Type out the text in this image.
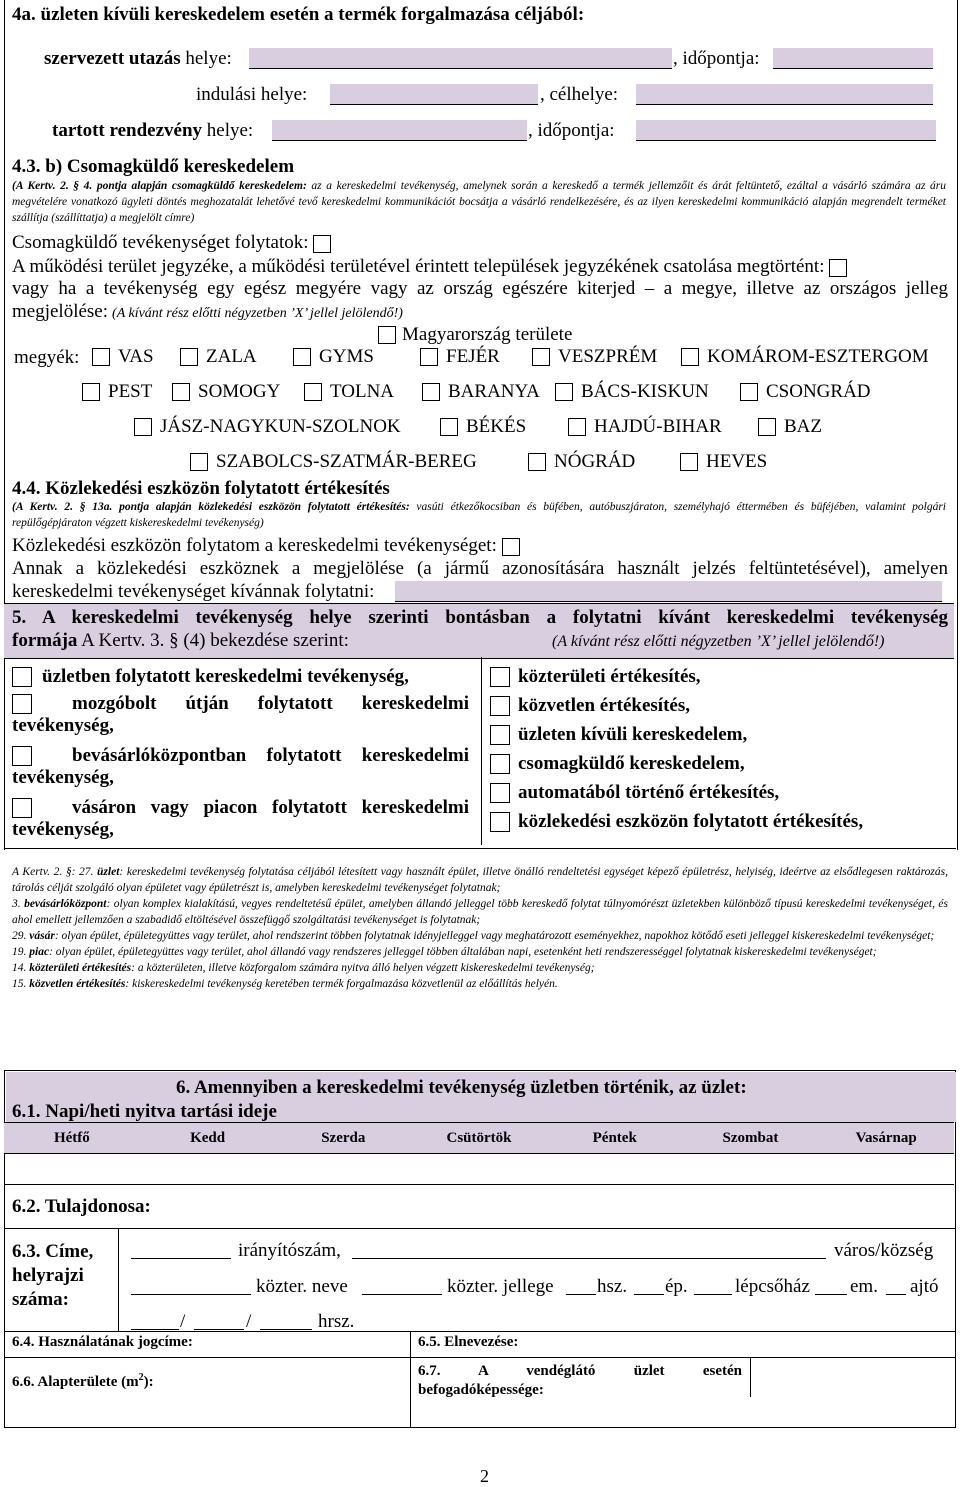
4a. üzleten kívüli kereskedelem esetén a termék forgalmazása céljából:
szervezett utazás helye:	, időpontja:
indulási helye:	, célhelye:
tartott rendezvény helye:	, időpontja:
4.3. b) Csomagküldő kereskedelem
(A Kertv. 2. § 4. pontja alapján csomagküldő kereskedelem: az a kereskedelmi tevékenység, amelynek során a kereskedő a termék jellemzőit és árát feltüntető, ezáltal a vásárló számára az áru megvételére vonatkozó ügyleti döntés meghozatalát lehetővé tevő kereskedelmi kommunikációt bocsátja a vásárló rendelkezésére, és az ilyen kereskedelmi kommunikáció alapján megrendelt terméket szállítja (szállíttatja) a megjelölt címre)
Csomagküldő tevékenységet folytatok:
A működési terület jegyzéke, a működési területével érintett települések jegyzékének csatolása megtörtént:
vagy ha a tevékenység egy egész megyére vagy az ország egészére kiterjed – a megye, illetve az országos jelleg
megjelölése: (A kívánt rész előtti négyzetben ’X’ jellel jelölendő!)
Magyarország területe
megyék: VAS	ZALA	GYMS	FEJÉR	VESZPRÉM	KOMÁROM-ESZTERGOM
PEST SOMOGY	TOLNA	BARANYA BÁCS-KISKUN	CSONGRÁD
JÁSZ-NAGYKUN-SZOLNOK	BÉKÉS	HAJDÚ-BIHAR	BAZ
SZABOLCS-SZATMÁR-BEREG	NÓGRÁD	HEVES
4.4. Közlekedési eszközön folytatott értékesítés
(A Kertv. 2. § 13a. pontja alapján közlekedési eszközön folytatott értékesítés: vasúti étkezőkocsiban és büfében, autóbuszjáraton, személyhajó éttermében és büféjében, valamint polgári repülőgépjáraton végzett kiskereskedelmi tevékenység)
Közlekedési eszközön folytatom a kereskedelmi tevékenységet:
Annak a közlekedési eszköznek a megjelölése (a jármű azonosítására használt jelzés feltüntetésével), amelyen
kereskedelmi tevékenységet kívánnak folytatni:
5. A kereskedelmi tevékenység helye szerinti bontásban a folytatni kívánt kereskedelmi tevékenység
formája A Kertv. 3. § (4) bekezdése szerint:	(A kívánt rész előtti négyzetben ’X’ jellel jelölendő!)
üzletben folytatott kereskedelmi tevékenység,
mozgóbolt útján folytatott kereskedelmi
tevékenység,
bevásárlóközpontban folytatott kereskedelmi
tevékenység,
vásáron vagy piacon folytatott kereskedelmi
tevékenység,
közterületi értékesítés,
közvetlen értékesítés,
üzleten kívüli kereskedelem,
csomagküldő kereskedelem,
automatából történő értékesítés,
közlekedési eszközön folytatott értékesítés,
A Kertv. 2. §: 27. üzlet: kereskedelmi tevékenység folytatása céljából létesített vagy használt épület, illetve önálló rendeltetési egységet képező épületrész, helyiség, ideértve az elsődlegesen raktározás, tárolás célját szolgáló olyan épületet vagy épületrészt is, amelyben kereskedelmi tevékenységet folytatnak;
3. bevásárlóközpont: olyan komplex kialakítású, vegyes rendeltetésű épület, amelyben állandó jelleggel több kereskedő folytat túlnyomórészt üzletekben különböző típusú kereskedelmi tevékenységet, és ahol emellett jellemzően a szabadidő eltöltésével összefüggő szolgáltatási tevékenységet is folytatnak;
29. vásár: olyan épület, épületegyüttes vagy terület, ahol rendszerint többen folytatnak idényjelleggel vagy meghatározott eseményekhez, napokhoz kötődő eseti jelleggel kiskereskedelmi tevékenységet;
19. piac: olyan épület, épületegyüttes vagy terület, ahol állandó vagy rendszeres jelleggel többen általában napi, esetenként heti rendszerességgel folytatnak kiskereskedelmi tevékenységet;
14. közterületi értékesítés: a közterületen, illetve közforgalom számára nyitva álló helyen végzett kiskereskedelmi tevékenység;
15. közvetlen értékesítés: kiskereskedelmi tevékenység keretében termék forgalmazása közvetlenül az előállítás helyén.
6. Amennyiben a kereskedelmi tevékenység üzletben történik, az üzlet:
6.1. Napi/heti nyitva tartási ideje
Hétfő	Kedd	Szerda	Csütörtök	Péntek	Szombat	Vasárnap
6.2. Tulajdonosa:
6.3. Címe, helyrajzi száma:
irányítószám,	város/község
közter. neve	közter. jellege hsz. ép. lépcsőház em. ajtó
/	/	hrsz.
6.4. Használatának jogcíme:	6.5. Elnevezése:
6.6. Alapterülete $(m^2)$:
6.7. A vendéglátó üzlet esetén
befogadóképessége:
2
